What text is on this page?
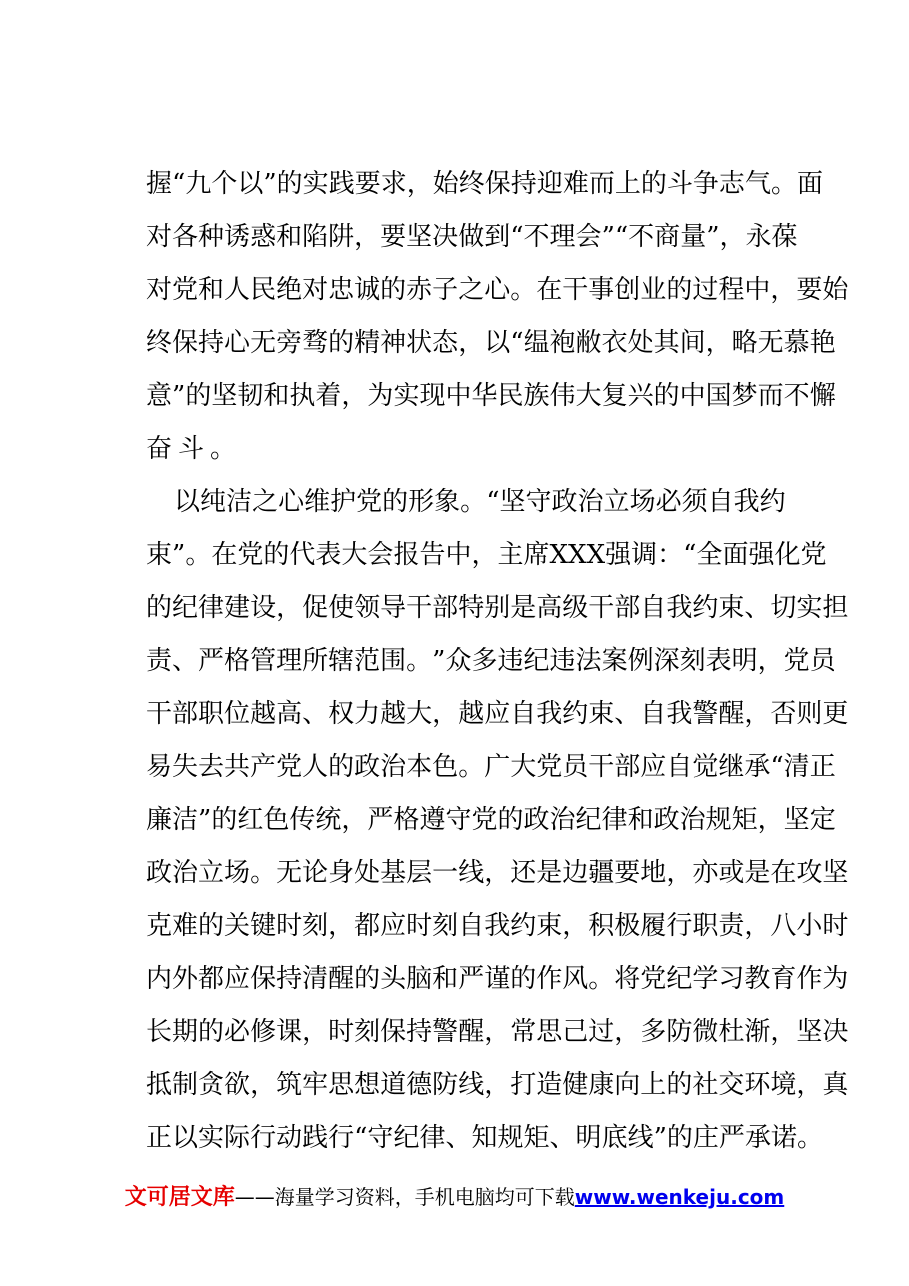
握 “ 九 个 以 ” 的 实 践 要 求 ， 始 终 保 持 迎 难 而 上 的 斗 争 志 气 。 面
对 各 种 诱 惑 和 陷 阱 ， 要 坚 决 做 到 “ 不 理 会 ” “ 不 商 量 ” ， 永 葆
对 党 和 人 民 绝 对 忠 诚 的 赤 子 之 心 。 在 干 事 创 业 的 过 程 中 ， 要 始
终 保 持 心 无 旁 骛 的 精 神 状 态 ， 以 “ 缊 袍 敝 衣 处 其 间 ， 略 无 慕 艳
意 ” 的 坚 韧 和 执 着 ， 为 实 现 中 华 民 族 伟 大 复 兴 的 中 国 梦 而 不 懈
奋斗。
以 纯 洁 之 心 维 护 党 的 形 象 。 “ 坚 守 政 治 立 场 必 须 自 我 约
束 ” 。 在 党 的 代 表 大 会 报 告 中 ， 主 席 X X X 强 调 ： “ 全 面 强 化 党
的 纪 律 建 设 ， 促 使 领 导 干 部 特 别 是 高 级 干 部 自 我 约 束 、 切 实 担
责 、 严 格 管 理 所 辖 范 围 。 ” 众 多 违 纪 违 法 案 例 深 刻 表 明 ， 党 员
干 部 职 位 越 高 、 权 力 越 大 ， 越 应 自 我 约 束 、 自 我 警 醒 ， 否 则 更
易 失 去 共 产 党 人 的 政 治 本 色 。 广 大 党 员 干 部 应 自 觉 继 承 “ 清 正
廉 洁 ” 的 红 色 传 统 ， 严 格 遵 守 党 的 政 治 纪 律 和 政 治 规 矩 ， 坚 定
政 治 立 场 。 无 论 身 处 基 层 一 线 ， 还 是 边 疆 要 地 ， 亦 或 是 在 攻 坚
克 难 的 关 键 时 刻 ， 都 应 时 刻 自 我 约 束 ， 积 极 履 行 职 责 ， 八 小 时
内 外 都 应 保 持 清 醒 的 头 脑 和 严 谨 的 作 风 。 将 党 纪 学 习 教 育 作 为
长 期 的 必 修 课 ， 时 刻 保 持 警 醒 ， 常 思 己 过 ， 多 防 微 杜 渐 ， 坚 决
抵 制 贪 欲 ， 筑 牢 思 想 道 德 防 线 ， 打 造 健 康 向 上 的 社 交 环 境 ， 真
正 以 实 际 行 动 践 行 “ 守 纪 律 、 知 规 矩 、 明 底 线 ” 的 庄 严 承 诺 。
文可居文库——海量学习资料，手机电脑均可下载www.wenkeju.com
